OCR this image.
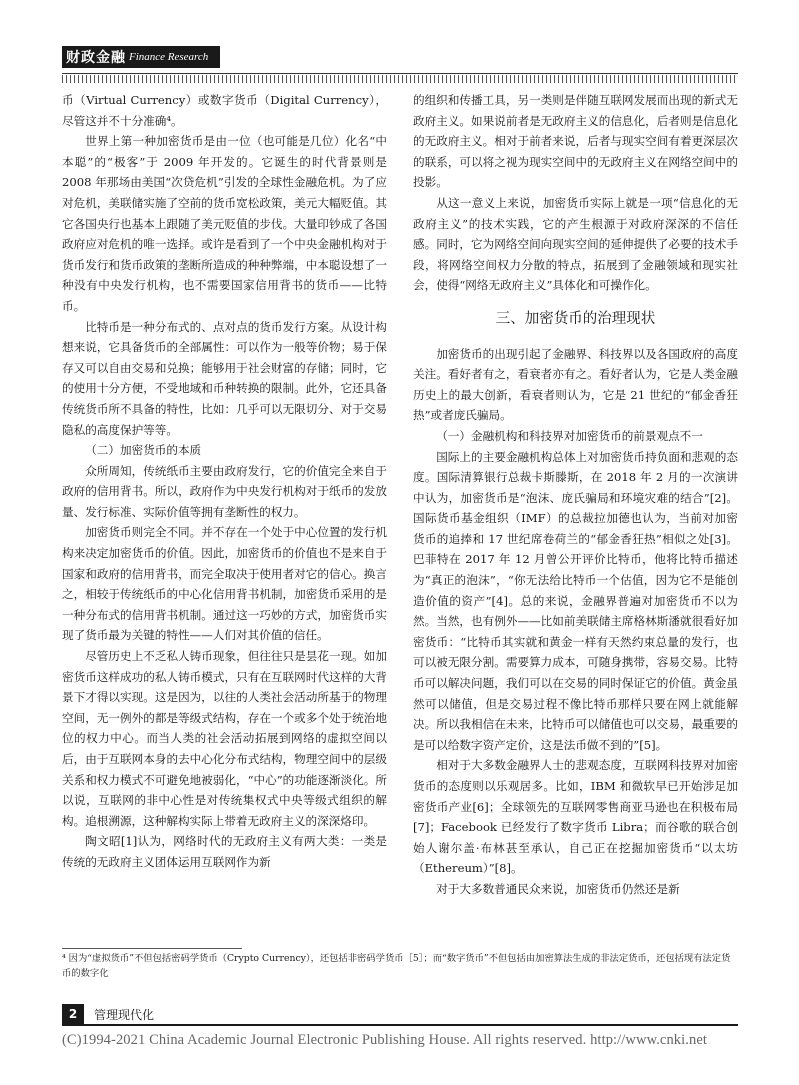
财政金融 Finance Research

币（Virtual Currency）或数字货币（Digital Currency），尽管这并不十分准确⁴。

世界上第一种加密货币是由一位（也可能是几位）化名“中本聪”的“极客”于 2009 年开发的。它诞生的时代背景则是 2008 年那场由美国“次贷危机”引发的全球性金融危机。为了应对危机，美联储实施了空前的货币宽松政策，美元大幅贬值。其它各国央行也基本上跟随了美元贬值的步伐。大量印钞成了各国政府应对危机的唯一选择。或许是看到了一个中央金融机构对于货币发行和货币政策的垄断所造成的种种弊端，中本聪设想了一种没有中央发行机构，也不需要国家信用背书的货币——比特币。

比特币是一种分布式的、点对点的货币发行方案。从设计构想来说，它具备货币的全部属性：可以作为一般等价物；易于保存又可以自由交易和兑换；能够用于社会财富的存储；同时，它的使用十分方便，不受地域和币种转换的限制。此外，它还具备传统货币所不具备的特性，比如：几乎可以无限切分、对于交易隐私的高度保护等等。

（二）加密货币的本质

众所周知，传统纸币主要由政府发行，它的价值完全来自于政府的信用背书。所以，政府作为中央发行机构对于纸币的发放量、发行标准、实际价值等拥有垄断性的权力。

加密货币则完全不同。并不存在一个处于中心位置的发行机构来决定加密货币的价值。因此，加密货币的价值也不是来自于国家和政府的信用背书，而完全取决于使用者对它的信心。换言之，相较于传统纸币的中心化信用背书机制，加密货币采用的是一种分布式的信用背书机制。通过这一巧妙的方式，加密货币实现了货币最为关键的特性——人们对其价值的信任。

尽管历史上不乏私人铸币现象，但往往只是昙花一现。如加密货币这样成功的私人铸币模式，只有在互联网时代这样的大背景下才得以实现。这是因为，以往的人类社会活动所基于的物理空间，无一例外的都是等级式结构，存在一个或多个处于统治地位的权力中心。而当人类的社会活动拓展到网络的虚拟空间以后，由于互联网本身的去中心化分布式结构，物理空间中的层级关系和权力模式不可避免地被弱化，“中心”的功能逐渐淡化。所以说，互联网的非中心性是对传统集权式中央等级式组织的解构。追根溯源，这种解构实际上带着无政府主义的深深烙印。

陶文昭[1]认为，网络时代的无政府主义有两大类：一类是传统的无政府主义团体运用互联网作为新

的组织和传播工具，另一类则是伴随互联网发展而出现的新式无政府主义。如果说前者是无政府主义的信息化，后者则是信息化的无政府主义。相对于前者来说，后者与现实空间有着更深层次的联系，可以将之视为现实空间中的无政府主义在网络空间中的投影。

从这一意义上来说，加密货币实际上就是一项“信息化的无政府主义”的技术实践，它的产生根源于对政府深深的不信任感。同时，它为网络空间向现实空间的延伸提供了必要的技术手段，将网络空间权力分散的特点，拓展到了金融领域和现实社会，使得“网络无政府主义”具体化和可操作化。

三、加密货币的治理现状

加密货币的出现引起了金融界、科技界以及各国政府的高度关注。看好者有之，看衰者亦有之。看好者认为，它是人类金融历史上的最大创新，看衰者则认为，它是 21 世纪的“郁金香狂热”或者庞氏骗局。

（一）金融机构和科技界对加密货币的前景观点不一

国际上的主要金融机构总体上对加密货币持负面和悲观的态度。国际清算银行总裁卡斯滕斯，在 2018 年 2 月的一次演讲中认为，加密货币是“泡沫、庞氏骗局和环境灾难的结合”[2]。国际货币基金组织（IMF）的总裁拉加德也认为，当前对加密货币的追捧和 17 世纪席卷荷兰的“郁金香狂热”相似之处[3]。巴菲特在 2017 年 12 月曾公开评价比特币，他将比特币描述为“真正的泡沫”，“你无法给比特币一个估值，因为它不是能创造价值的资产”[4]。总的来说，金融界普遍对加密货币不以为然。当然，也有例外——比如前美联储主席格林斯潘就很看好加密货币：“比特币其实就和黄金一样有天然约束总量的发行，也可以被无限分割。需要算力成本，可随身携带，容易交易。比特币可以解决问题，我们可以在交易的同时保证它的价值。黄金虽然可以储值，但是交易过程不像比特币那样只要在网上就能解决。所以我相信在未来，比特币可以储值也可以交易，最重要的是可以给数字资产定价，这是法币做不到的”[5]。

相对于大多数金融界人士的悲观态度，互联网科技界对加密货币的态度则以乐观居多。比如，IBM 和微软早已开始涉足加密货币产业[6]；全球领先的互联网零售商亚马逊也在积极布局[7]；Facebook 已经发行了数字货币 Libra；而谷歌的联合创始人谢尔盖·布林甚至承认，自己正在挖掘加密货币“以太坊（Ethereum）”[8]。

对于大多数普通民众来说，加密货币仍然还是新

⁴ 因为“虚拟货币”不但包括密码学货币（Crypto Currency），还包括非密码学货币［5］；而“数字货币”不但包括由加密算法生成的非法定货币，还包括现有法定货币的数字化
2	管理现代化
(C)1994-2021 China Academic Journal Electronic Publishing House. All rights reserved. http://www.cnki.net
